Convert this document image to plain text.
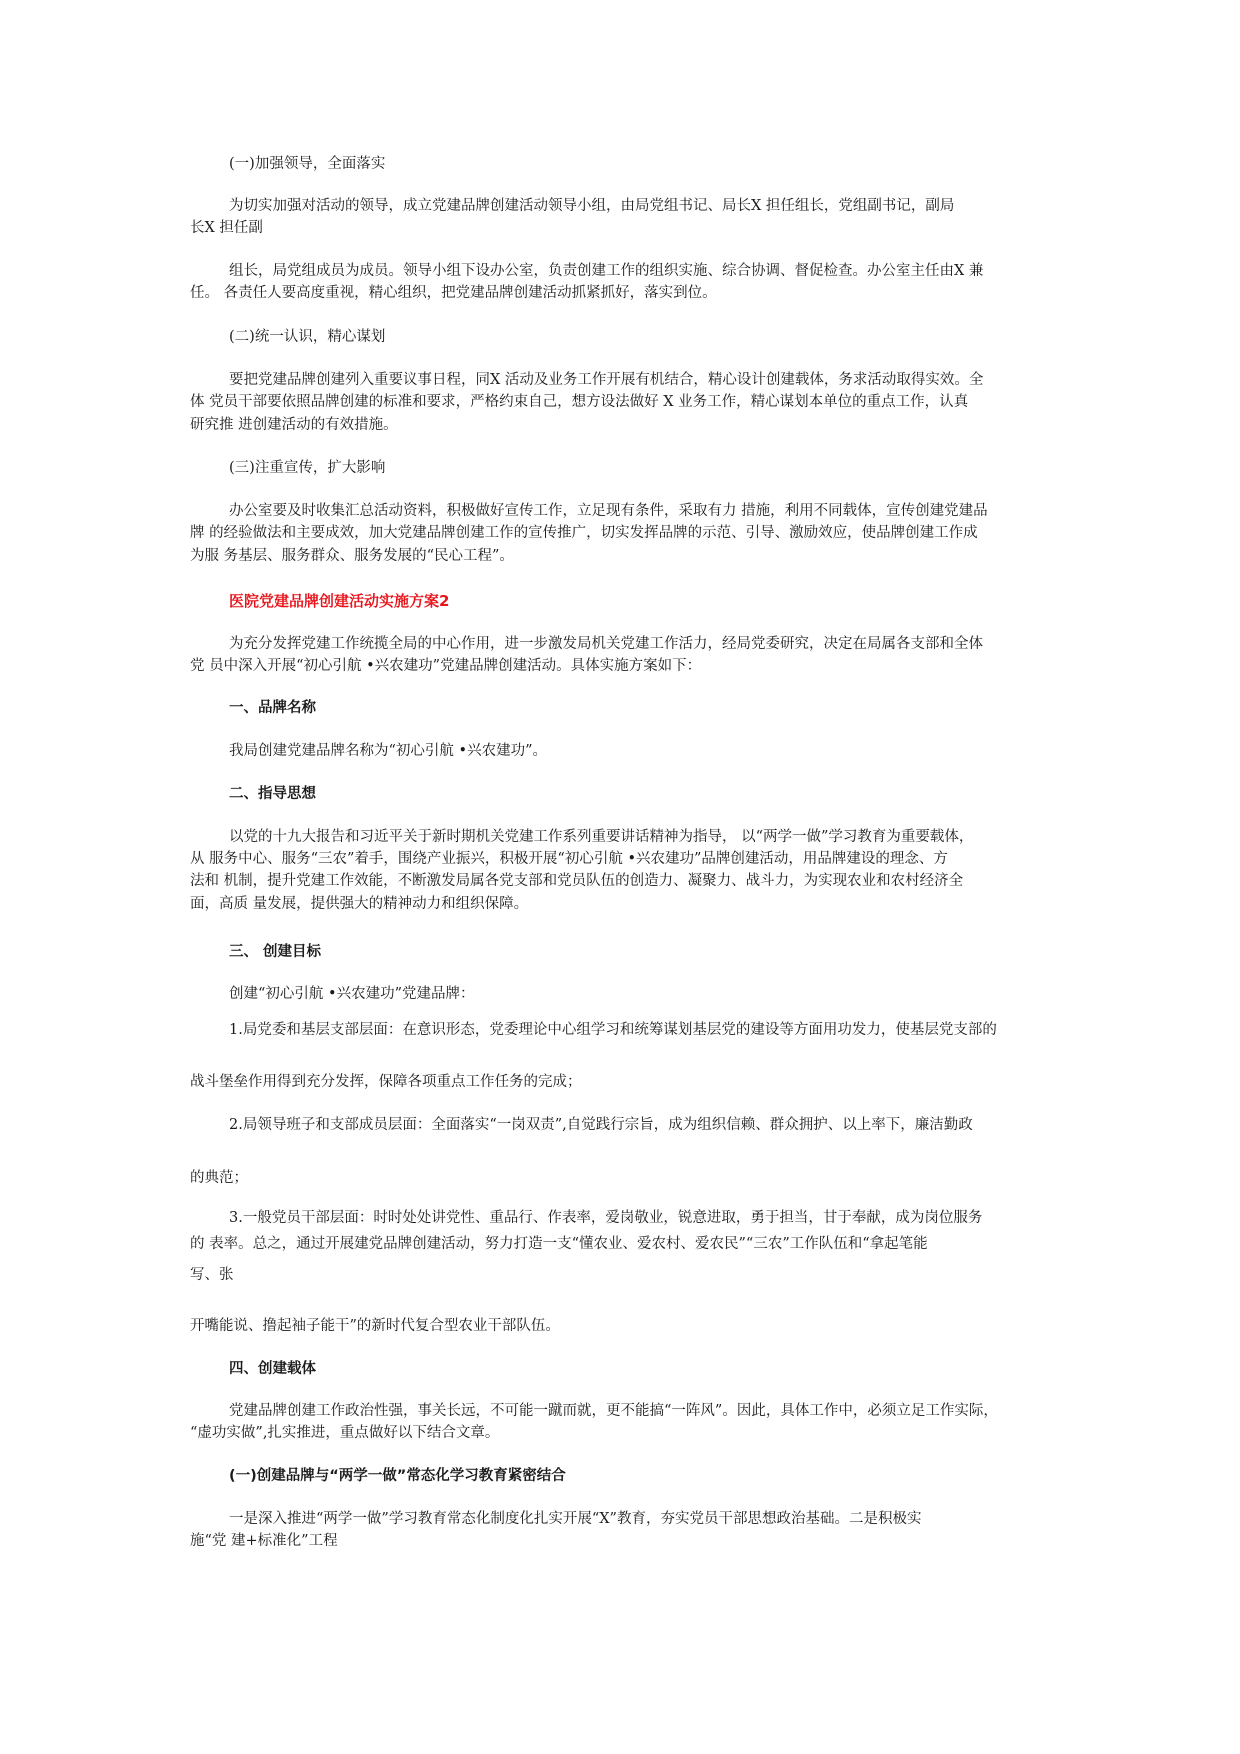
(一)加强领导，全面落实
为切实加强对活动的领导，成立党建品牌创建活动领导小组，由局党组书记、局长X 担任组长，党组副书记，副局
长X 担任副
组长，局党组成员为成员。领导小组下设办公室，负责创建工作的组织实施、综合协调、督促检查。办公室主任由X 兼
任。 各责任人要高度重视，精心组织，把党建品牌创建活动抓紧抓好，落实到位。
(二)统一认识，精心谋划
要把党建品牌创建列入重要议事日程，同X 活动及业务工作开展有机结合，精心设计创建载体，务求活动取得实效。全
体 党员干部要依照品牌创建的标准和要求，严格约束自己，想方设法做好 X 业务工作，精心谋划本单位的重点工作，认真
研究推 进创建活动的有效措施。
(三)注重宣传，扩大影响
办公室要及时收集汇总活动资料，积极做好宣传工作，立足现有条件，采取有力 措施，利用不同载体，宣传创建党建品
牌 的经验做法和主要成效，加大党建品牌创建工作的宣传推广，切实发挥品牌的示范、引导、激励效应，使品牌创建工作成
为服 务基层、服务群众、服务发展的“民心工程”。
医院党建品牌创建活动实施方案2
为充分发挥党建工作统揽全局的中心作用，进一步激发局机关党建工作活力，经局党委研究，决定在局属各支部和全体
党 员中深入开展“初心引航 •兴农建功”党建品牌创建活动。具体实施方案如下：
一、品牌名称
我局创建党建品牌名称为“初心引航 •兴农建功”。
二、指导思想
以党的十九大报告和习近平关于新时期机关党建工作系列重要讲话精神为指导， 以“两学一做”学习教育为重要载体，
从 服务中心、服务“三农”着手，围绕产业振兴，积极开展“初心引航 •兴农建功”品牌创建活动，用品牌建设的理念、方
法和 机制，提升党建工作效能，不断激发局属各党支部和党员队伍的创造力、凝聚力、战斗力，为实现农业和农村经济全
面，高质 量发展，提供强大的精神动力和组织保障。
三、 创建目标
创建“初心引航 •兴农建功”党建品牌：
1.局党委和基层支部层面：在意识形态，党委理论中心组学习和统筹谋划基层党的建设等方面用功发力，使基层党支部的
战斗堡垒作用得到充分发挥，保障各项重点工作任务的完成；
2.局领导班子和支部成员层面：全面落实“一岗双责”,自觉践行宗旨，成为组织信赖、群众拥护、以上率下，廉洁勤政
的典范；
3.一般党员干部层面：时时处处讲党性、重品行、作表率，爱岗敬业，锐意进取，勇于担当，甘于奉献，成为岗位服务
的 表率。总之，通过开展建党品牌创建活动，努力打造一支“懂农业、爱农村、爱农民”“三农”工作队伍和“拿起笔能
写、张
开嘴能说、撸起袖子能干”的新时代复合型农业干部队伍。
四、创建载体
党建品牌创建工作政治性强，事关长远，不可能一蹴而就，更不能搞“一阵风”。因此，具体工作中，必须立足工作实际，
“虚功实做”,扎实推进，重点做好以下结合文章。
(一)创建品牌与“两学一做”常态化学习教育紧密结合
一是深入推进“两学一做”学习教育常态化制度化扎实开展“X”教育，夯实党员干部思想政治基础。二是积极实
施“党 建+标准化”工程
